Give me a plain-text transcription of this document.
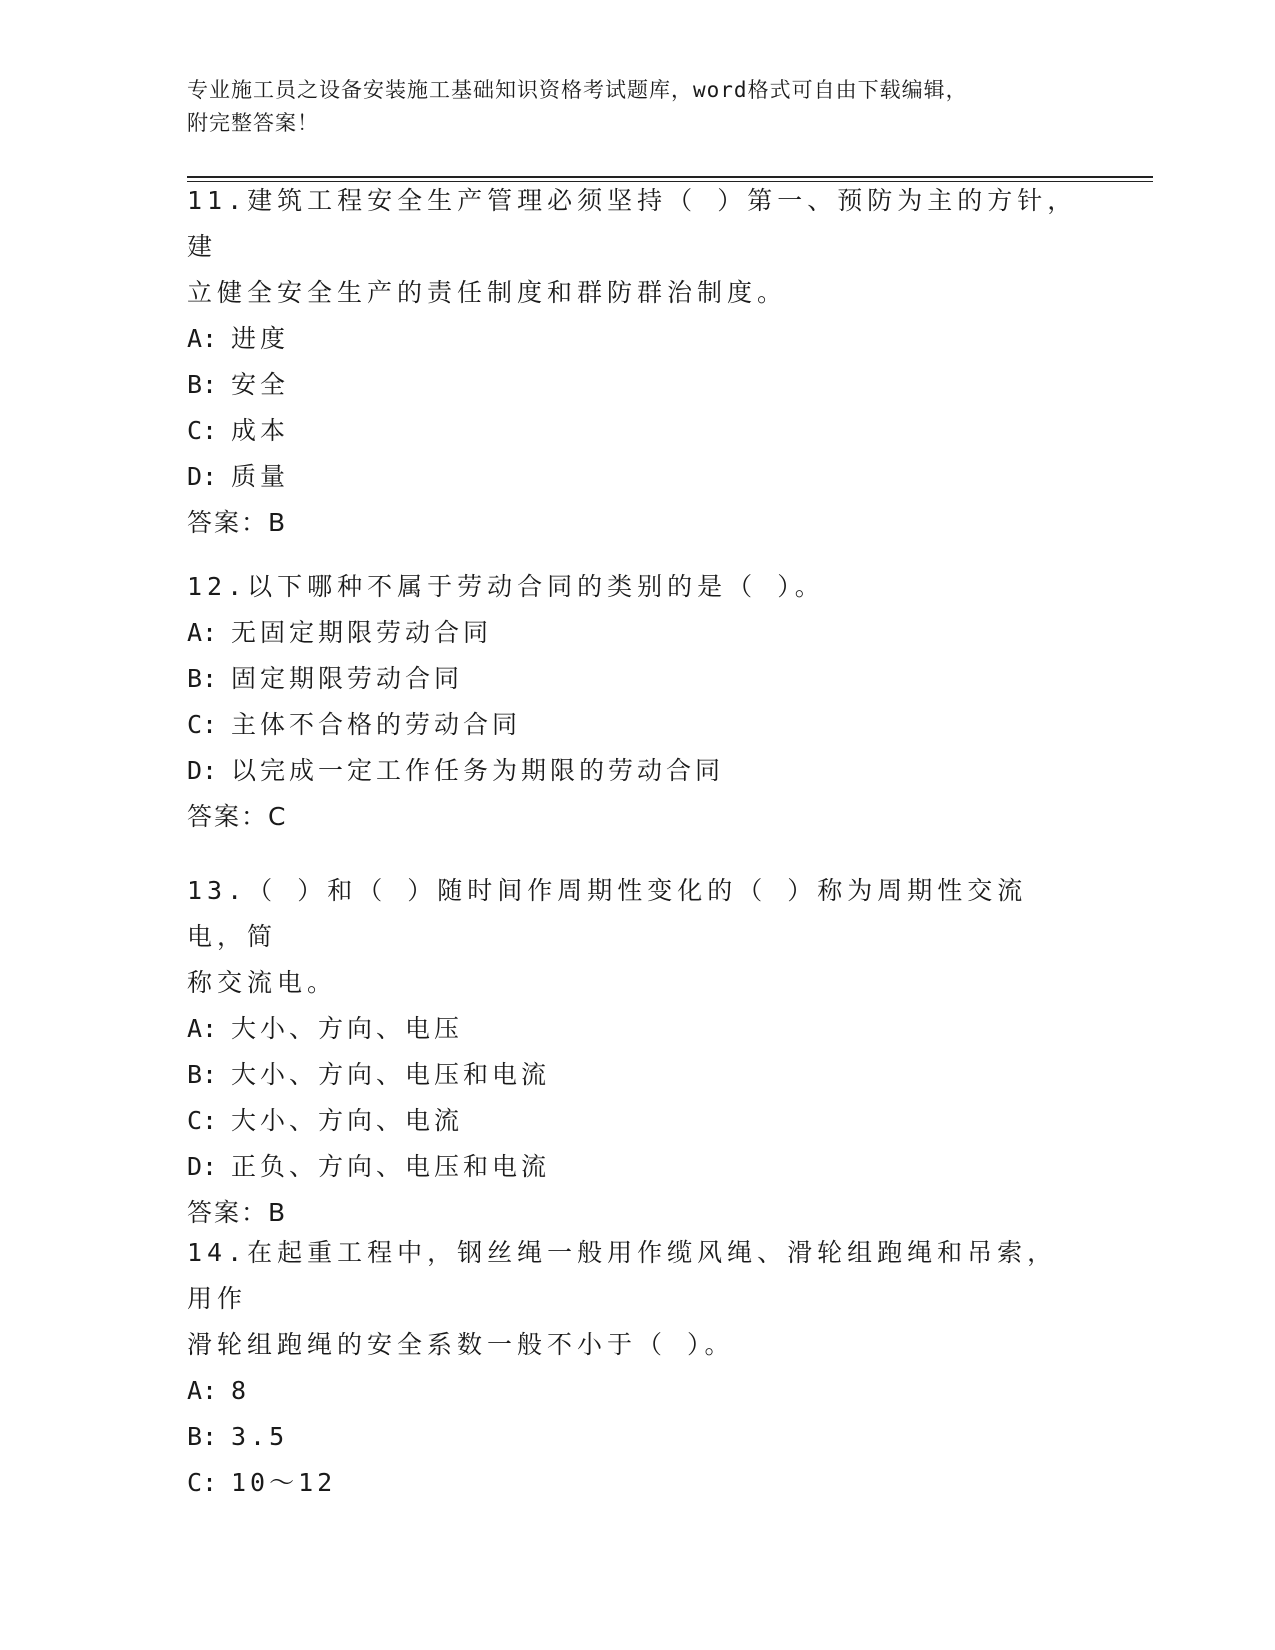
专业施工员之设备安装施工基础知识资格考试题库，word格式可自由下载编辑，
附完整答案！

11.建筑工程安全生产管理必须坚持（ ）第一、预防为主的方针，建

立健全安全生产的责任制度和群防群治制度。

A: 进度

B: 安全

C: 成本

D: 质量

答案：B

12.以下哪种不属于劳动合同的类别的是（ ）。

A: 无固定期限劳动合同

B: 固定期限劳动合同

C: 主体不合格的劳动合同

D: 以完成一定工作任务为期限的劳动合同

答案：C

13.（ ）和（ ）随时间作周期性变化的（ ）称为周期性交流电，简

称交流电。

A: 大小、方向、电压

B: 大小、方向、电压和电流

C: 大小、方向、电流

D: 正负、方向、电压和电流

答案：B

14.在起重工程中，钢丝绳一般用作缆风绳、滑轮组跑绳和吊索，用作

滑轮组跑绳的安全系数一般不小于（ ）。

A: 8

B: 3.5

C: 10～12
